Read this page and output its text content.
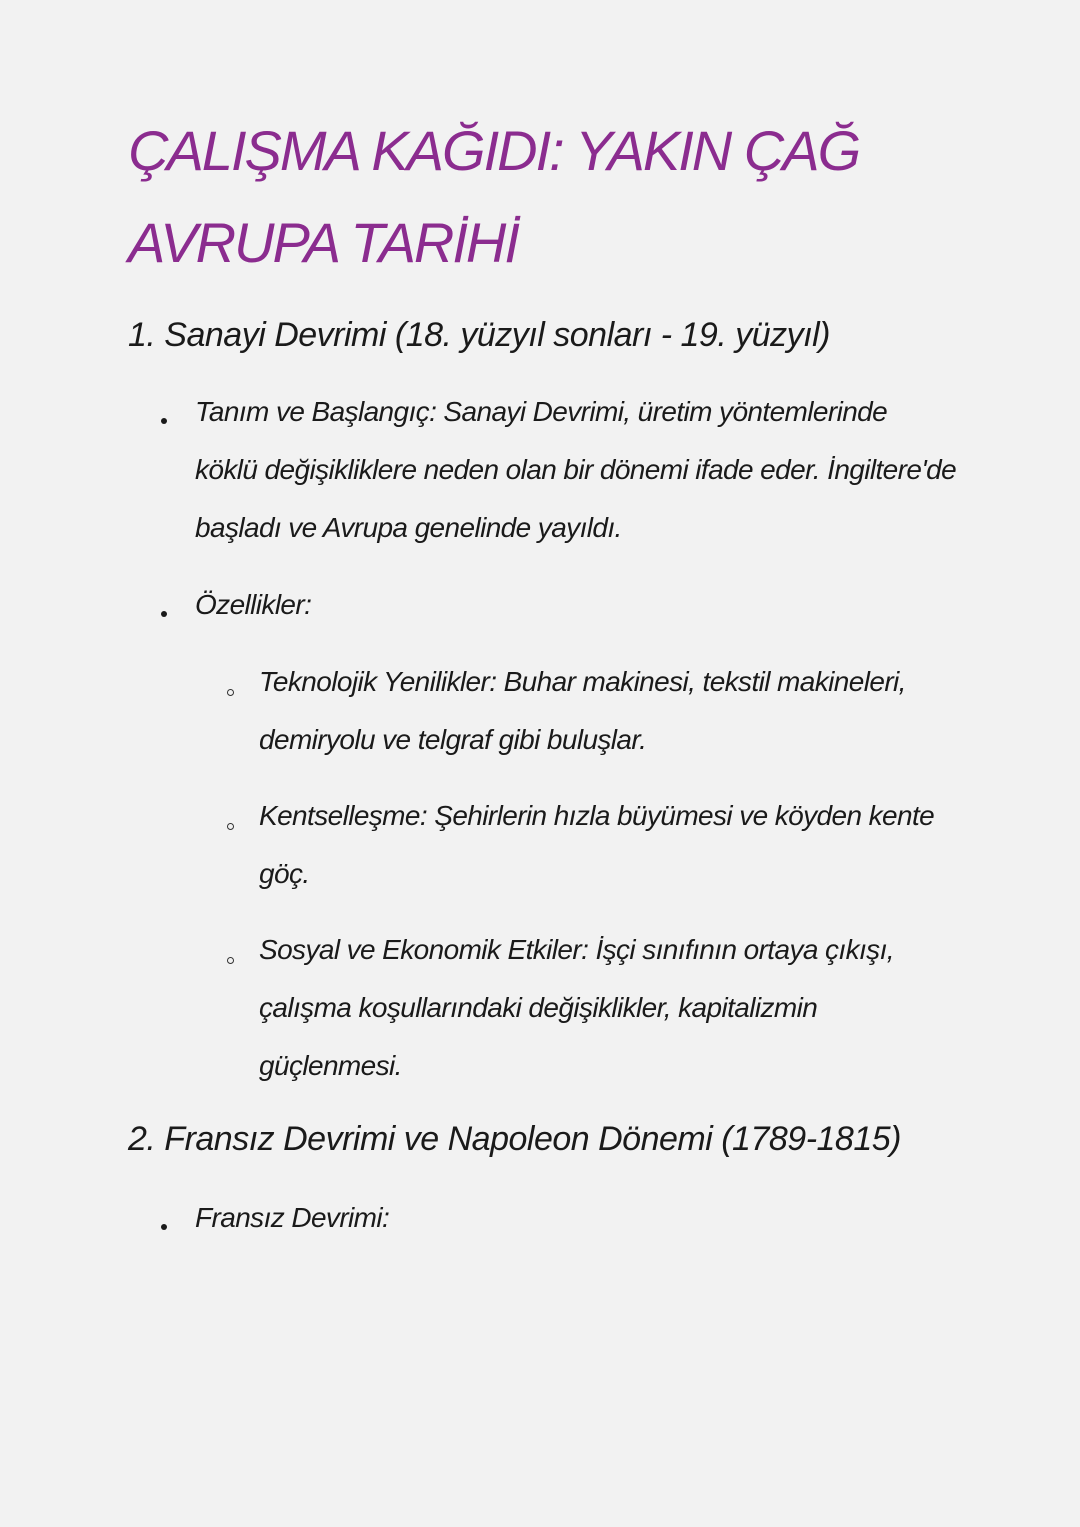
ÇALIŞMA KAĞIDI: YAKIN ÇAĞ
AVRUPA TARİHİ
1. Sanayi Devrimi (18. yüzyıl sonları - 19. yüzyıl)
Tanım ve Başlangıç: Sanayi Devrimi, üretim yöntemlerinde
köklü değişikliklere neden olan bir dönemi ifade eder. İngiltere'de
başladı ve Avrupa genelinde yayıldı.
Özellikler:
Teknolojik Yenilikler: Buhar makinesi, tekstil makineleri,
demiryolu ve telgraf gibi buluşlar.
Kentselleşme: Şehirlerin hızla büyümesi ve köyden kente
göç.
Sosyal ve Ekonomik Etkiler: İşçi sınıfının ortaya çıkışı,
çalışma koşullarındaki değişiklikler, kapitalizmin
güçlenmesi.
2. Fransız Devrimi ve Napoleon Dönemi (1789-1815)
Fransız Devrimi:
